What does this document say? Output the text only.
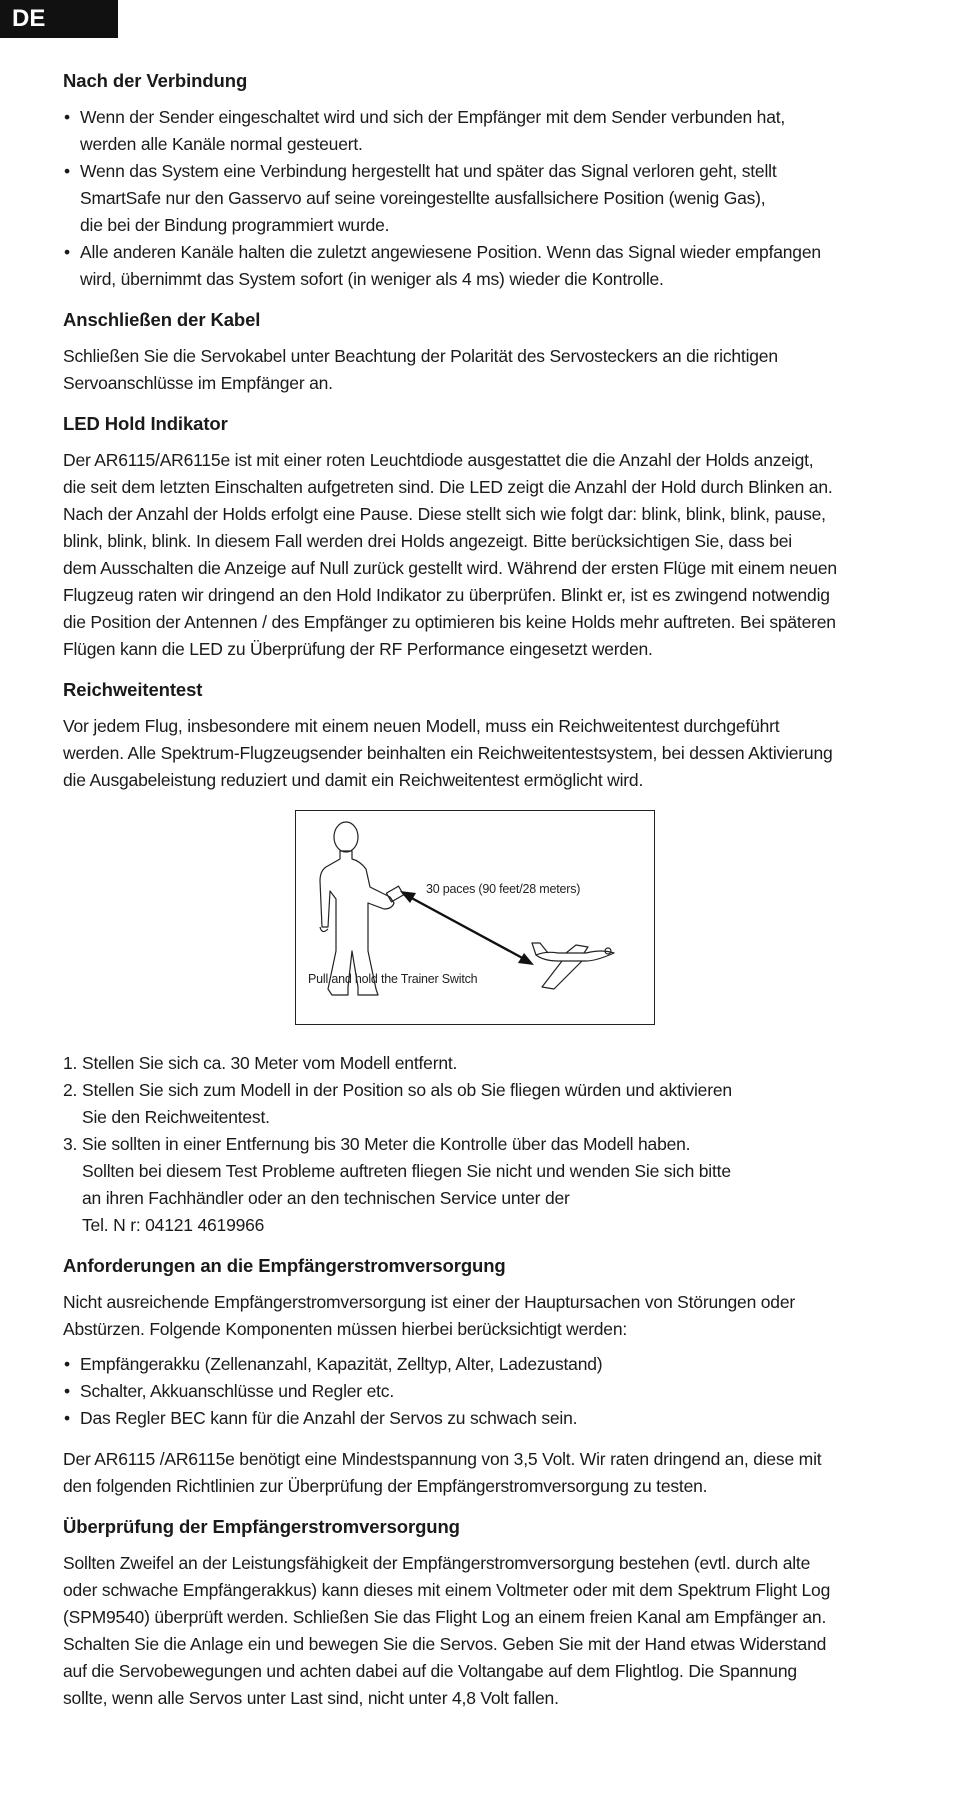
DE
Nach der Verbindung
• Wenn der Sender eingeschaltet wird und sich der Empfänger mit dem Sender verbunden hat,
werden alle Kanäle normal gesteuert.
• Wenn das System eine Verbindung hergestellt hat und später das Signal verloren geht, stellt
SmartSafe nur den Gasservo auf seine voreingestellte ausfallsichere Position (wenig Gas),
die bei der Bindung programmiert wurde.
• Alle anderen Kanäle halten die zuletzt angewiesene Position. Wenn das Signal wieder empfangen
wird, übernimmt das System sofort (in weniger als 4 ms) wieder die Kontrolle.
Anschließen der Kabel

Schließen Sie die Servokabel unter Beachtung der Polarität des Servosteckers an die richtigen
Servoanschlüsse im Empfänger an.

LED Hold Indikator

Der AR6115/AR6115e ist mit einer roten Leuchtdiode ausgestattet die die Anzahl der Holds anzeigt,
die seit dem letzten Einschalten aufgetreten sind. Die LED zeigt die Anzahl der Hold durch Blinken an.
Nach der Anzahl der Holds erfolgt eine Pause. Diese stellt sich wie folgt dar: blink, blink, blink, pause,
blink, blink, blink. In diesem Fall werden drei Holds angezeigt. Bitte berücksichtigen Sie, dass bei
dem Ausschalten die Anzeige auf Null zurück gestellt wird. Während der ersten Flüge mit einem neuen
Flugzeug raten wir dringend an den Hold Indikator zu überprüfen. Blinkt er, ist es zwingend notwendig
die Position der Antennen / des Empfänger zu optimieren bis keine Holds mehr auftreten. Bei späteren
Flügen kann die LED zu Überprüfung der RF Performance eingesetzt werden.

Reichweitentest

Vor jedem Flug, insbesondere mit einem neuen Modell, muss ein Reichweitentest durchgeführt
werden. Alle Spektrum-Flugzeugsender beinhalten ein Reichweitentestsystem, bei dessen Aktivierung
die Ausgabeleistung reduziert und damit ein Reichweitentest ermöglicht wird.

30 paces (90 feet/28 meters)
Pull and hold the Trainer Switch
1. Stellen Sie sich ca. 30 Meter vom Modell entfernt.
2. Stellen Sie sich zum Modell in der Position so als ob Sie fliegen würden und aktivieren
Sie den Reichweitentest.
3. Sie sollten in einer Entfernung bis 30 Meter die Kontrolle über das Modell haben.
Sollten bei diesem Test Probleme auftreten fliegen Sie nicht und wenden Sie sich bitte
an ihren Fachhändler oder an den technischen Service unter der
Tel. N r: 04121 4619966
Anforderungen an die Empfängerstromversorgung

Nicht ausreichende Empfängerstromversorgung ist einer der Hauptursachen von Störungen oder
Abstürzen. Folgende Komponenten müssen hierbei berücksichtigt werden:

• Empfängerakku (Zellenanzahl, Kapazität, Zelltyp, Alter, Ladezustand)
• Schalter, Akkuanschlüsse und Regler etc.
• Das Regler BEC kann für die Anzahl der Servos zu schwach sein.

Der AR6115 /AR6115e benötigt eine Mindestspannung von 3,5 Volt. Wir raten dringend an, diese mit
den folgenden Richtlinien zur Überprüfung der Empfängerstromversorgung zu testen.

Überprüfung der Empfängerstromversorgung

Sollten Zweifel an der Leistungsfähigkeit der Empfängerstromversorgung bestehen (evtl. durch alte
oder schwache Empfängerakkus) kann dieses mit einem Voltmeter oder mit dem Spektrum Flight Log
(SPM9540) überprüft werden. Schließen Sie das Flight Log an einem freien Kanal am Empfänger an.
Schalten Sie die Anlage ein und bewegen Sie die Servos. Geben Sie mit der Hand etwas Widerstand
auf die Servobewegungen und achten dabei auf die Voltangabe auf dem Flightlog. Die Spannung
sollte, wenn alle Servos unter Last sind, nicht unter 4,8 Volt fallen.
